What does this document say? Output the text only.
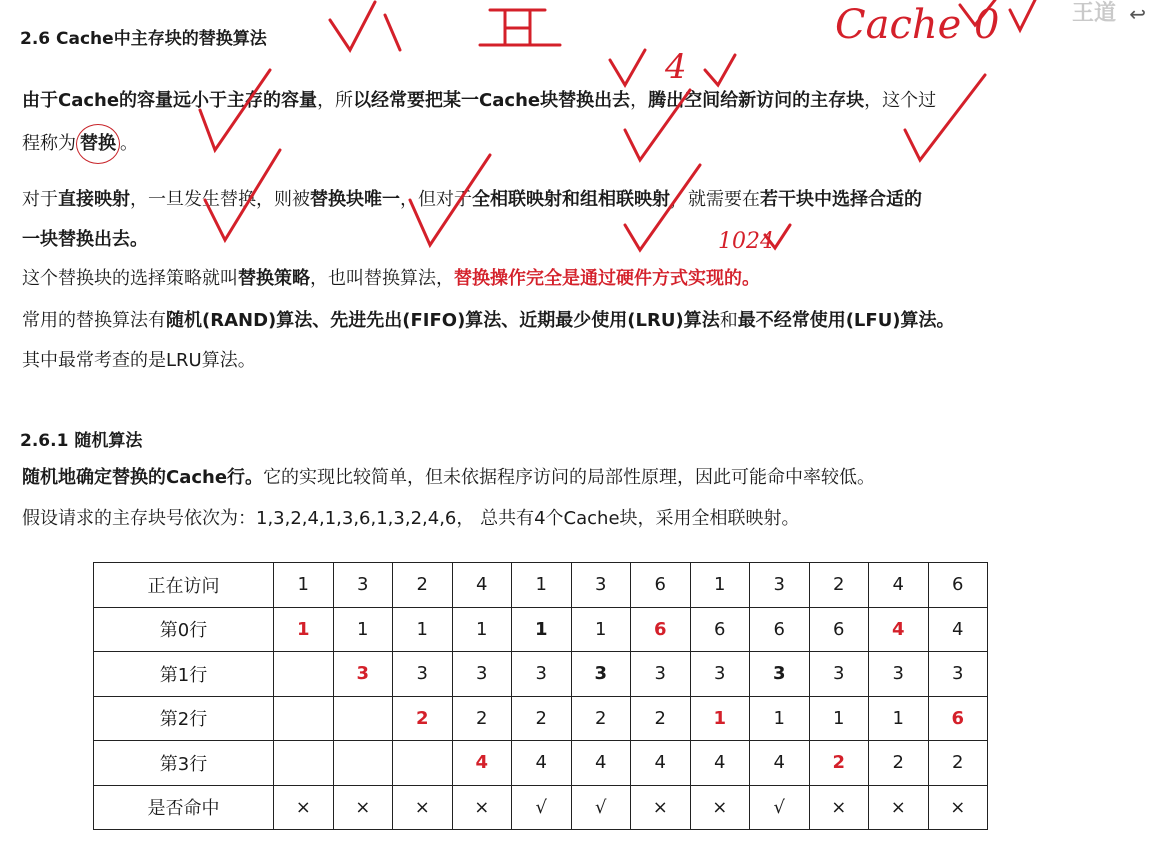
2.6 Cache中主存块的替换算法
由于Cache的容量远小于主存的容量，所以经常要把某一Cache块替换出去，腾出空间给新访问的主存块，这个过
程称为 替换 。
对于直接映射，一旦发生替换，则被替换块唯一，但对于全相联映射和组相联映射，就需要在若干块中选择合适的
一块替换出去。
这个替换块的选择策略就叫替换策略，也叫替换算法，替换操作完全是通过硬件方式实现的。
常用的替换算法有随机(RAND)算法、先进先出(FIFO)算法、近期最少使用(LRU)算法和最不经常使用(LFU)算法。
其中最常考查的是LRU算法。
2.6.1 随机算法
随机地确定替换的Cache行。它的实现比较简单，但未依据程序访问的局部性原理，因此可能命中率较低。
假设请求的主存块号依次为：1,3,2,4,1,3,6,1,3,2,4,6， 总共有4个Cache块，采用全相联映射。
正在访问	1	3	2	4	1	3	6	1	3	2	4	6
第0行	1	1	1	1	1	1	6	6	6	6	4	4
第1行		3	3	3	3	3	3	3	3	3	3	3
第2行			2	2	2	2	2	1	1	1	1	6
第3行				4	4	4	4	4	4	2	2	2
是否命中	×	×	×	×	√	√	×	×	√	×	×	×
Cache 0
4
1024
王道 ↩
